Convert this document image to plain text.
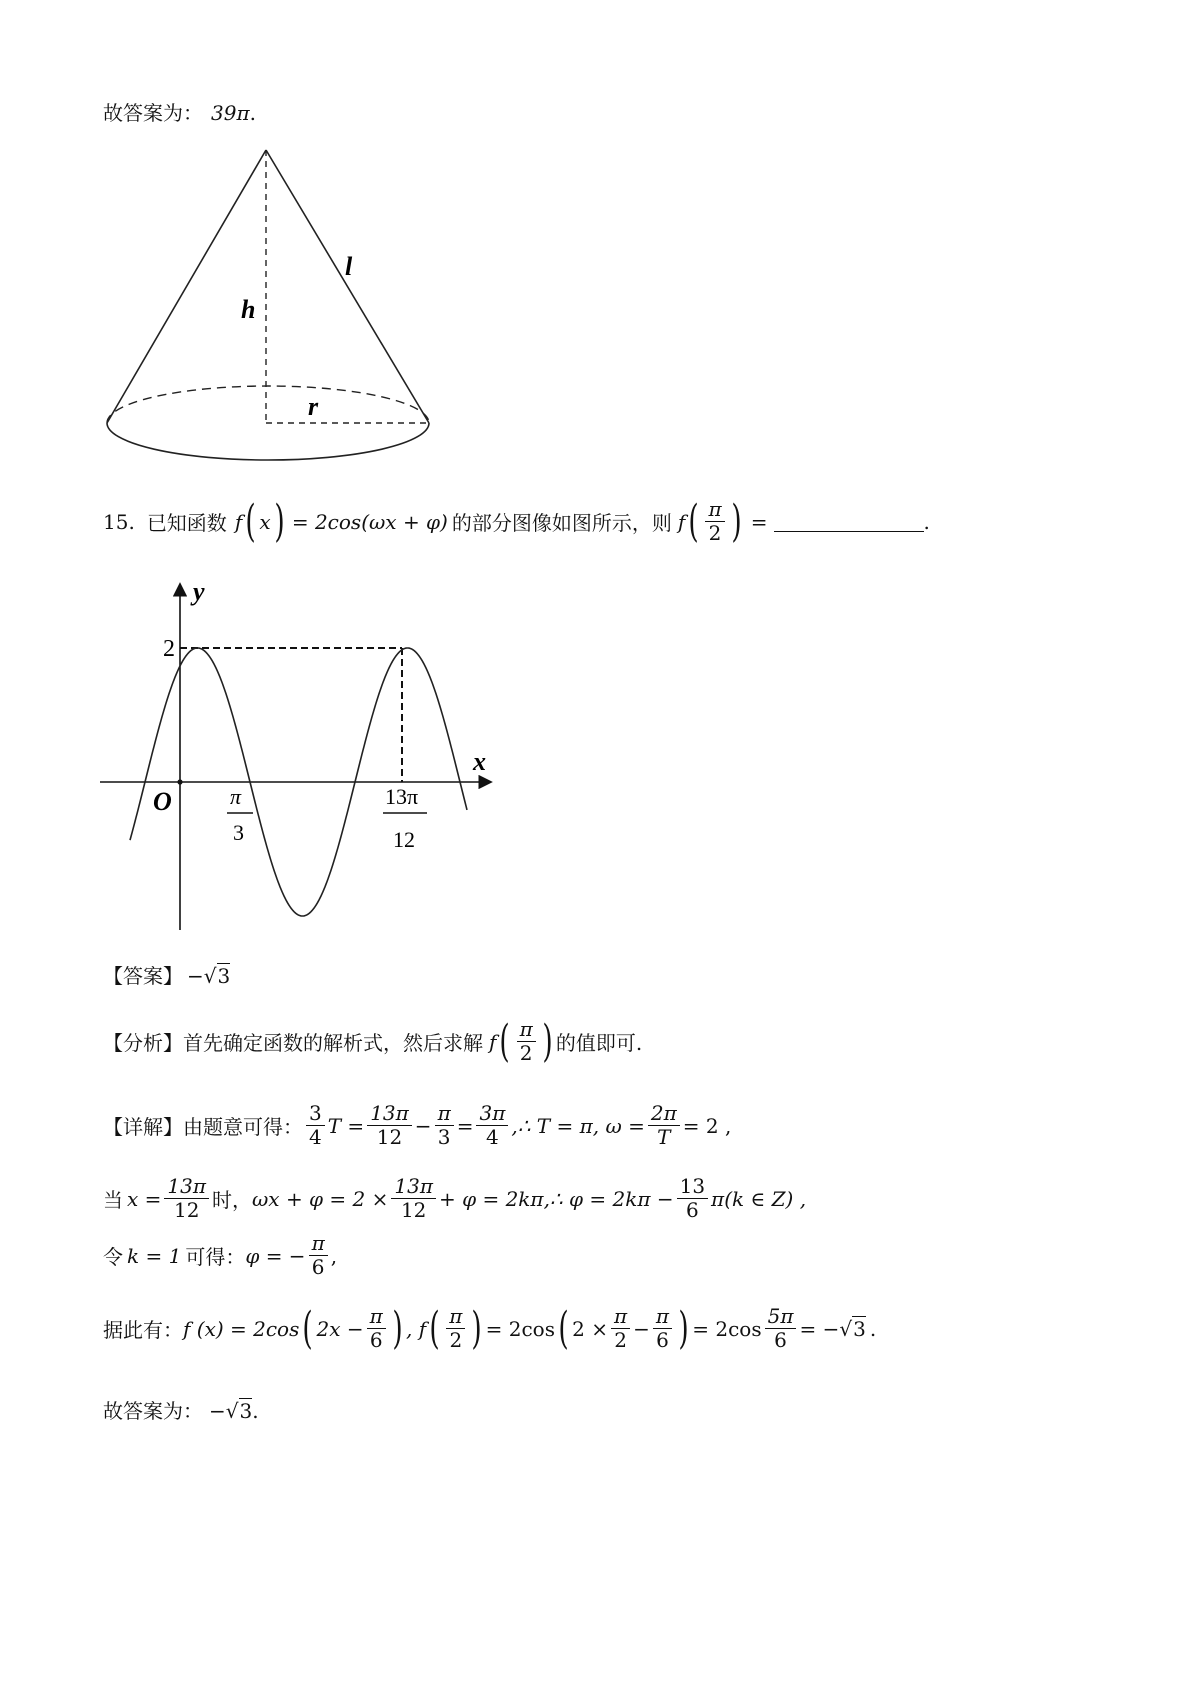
故答案为： 39π.
h
l
r
15. 已知函数 f ( x ) = 2cos(ωx + φ) 的部分图像如图所示，则 f ( $\frac{\pi}{2}$ ) =	.
y
x
O
2
π
3
13π
12
【答案】 −√3
【分析】 首先确定函数的解析式，然后求解 f ( $\frac{\pi}{2}$ ) 的值即可.
【详解】 由题意可得： $\frac{3}{4}$ $T = \frac{13\pi}{12} - \frac{\pi}{3} = \frac{3\pi}{4}$ ,∴ T = π, $\omega = \frac{2\pi}{T} = 2$ ,
当 $x = \frac{13\pi}{12}$ 时， $\omega x + \varphi = 2 \times \frac{13\pi}{12} + \varphi$ = 2kπ,∴ $\varphi = 2k\pi - \frac{13}{6} \pi(k$ ∈ Z) ,
令 k = 1 可得： φ = − $\frac{\pi}{6}$ ,
据此有： f (x) = 2cos ( $2x - \frac{\pi}{6}$ ) , f ( $\frac{\pi}{2}$ ) = 2cos ( $2 \times \frac{\pi}{2} - \frac{\pi}{6}$ ) = $2\cos \frac{5\pi}{6}$ = − √ 3 .
故答案为： −√3.
